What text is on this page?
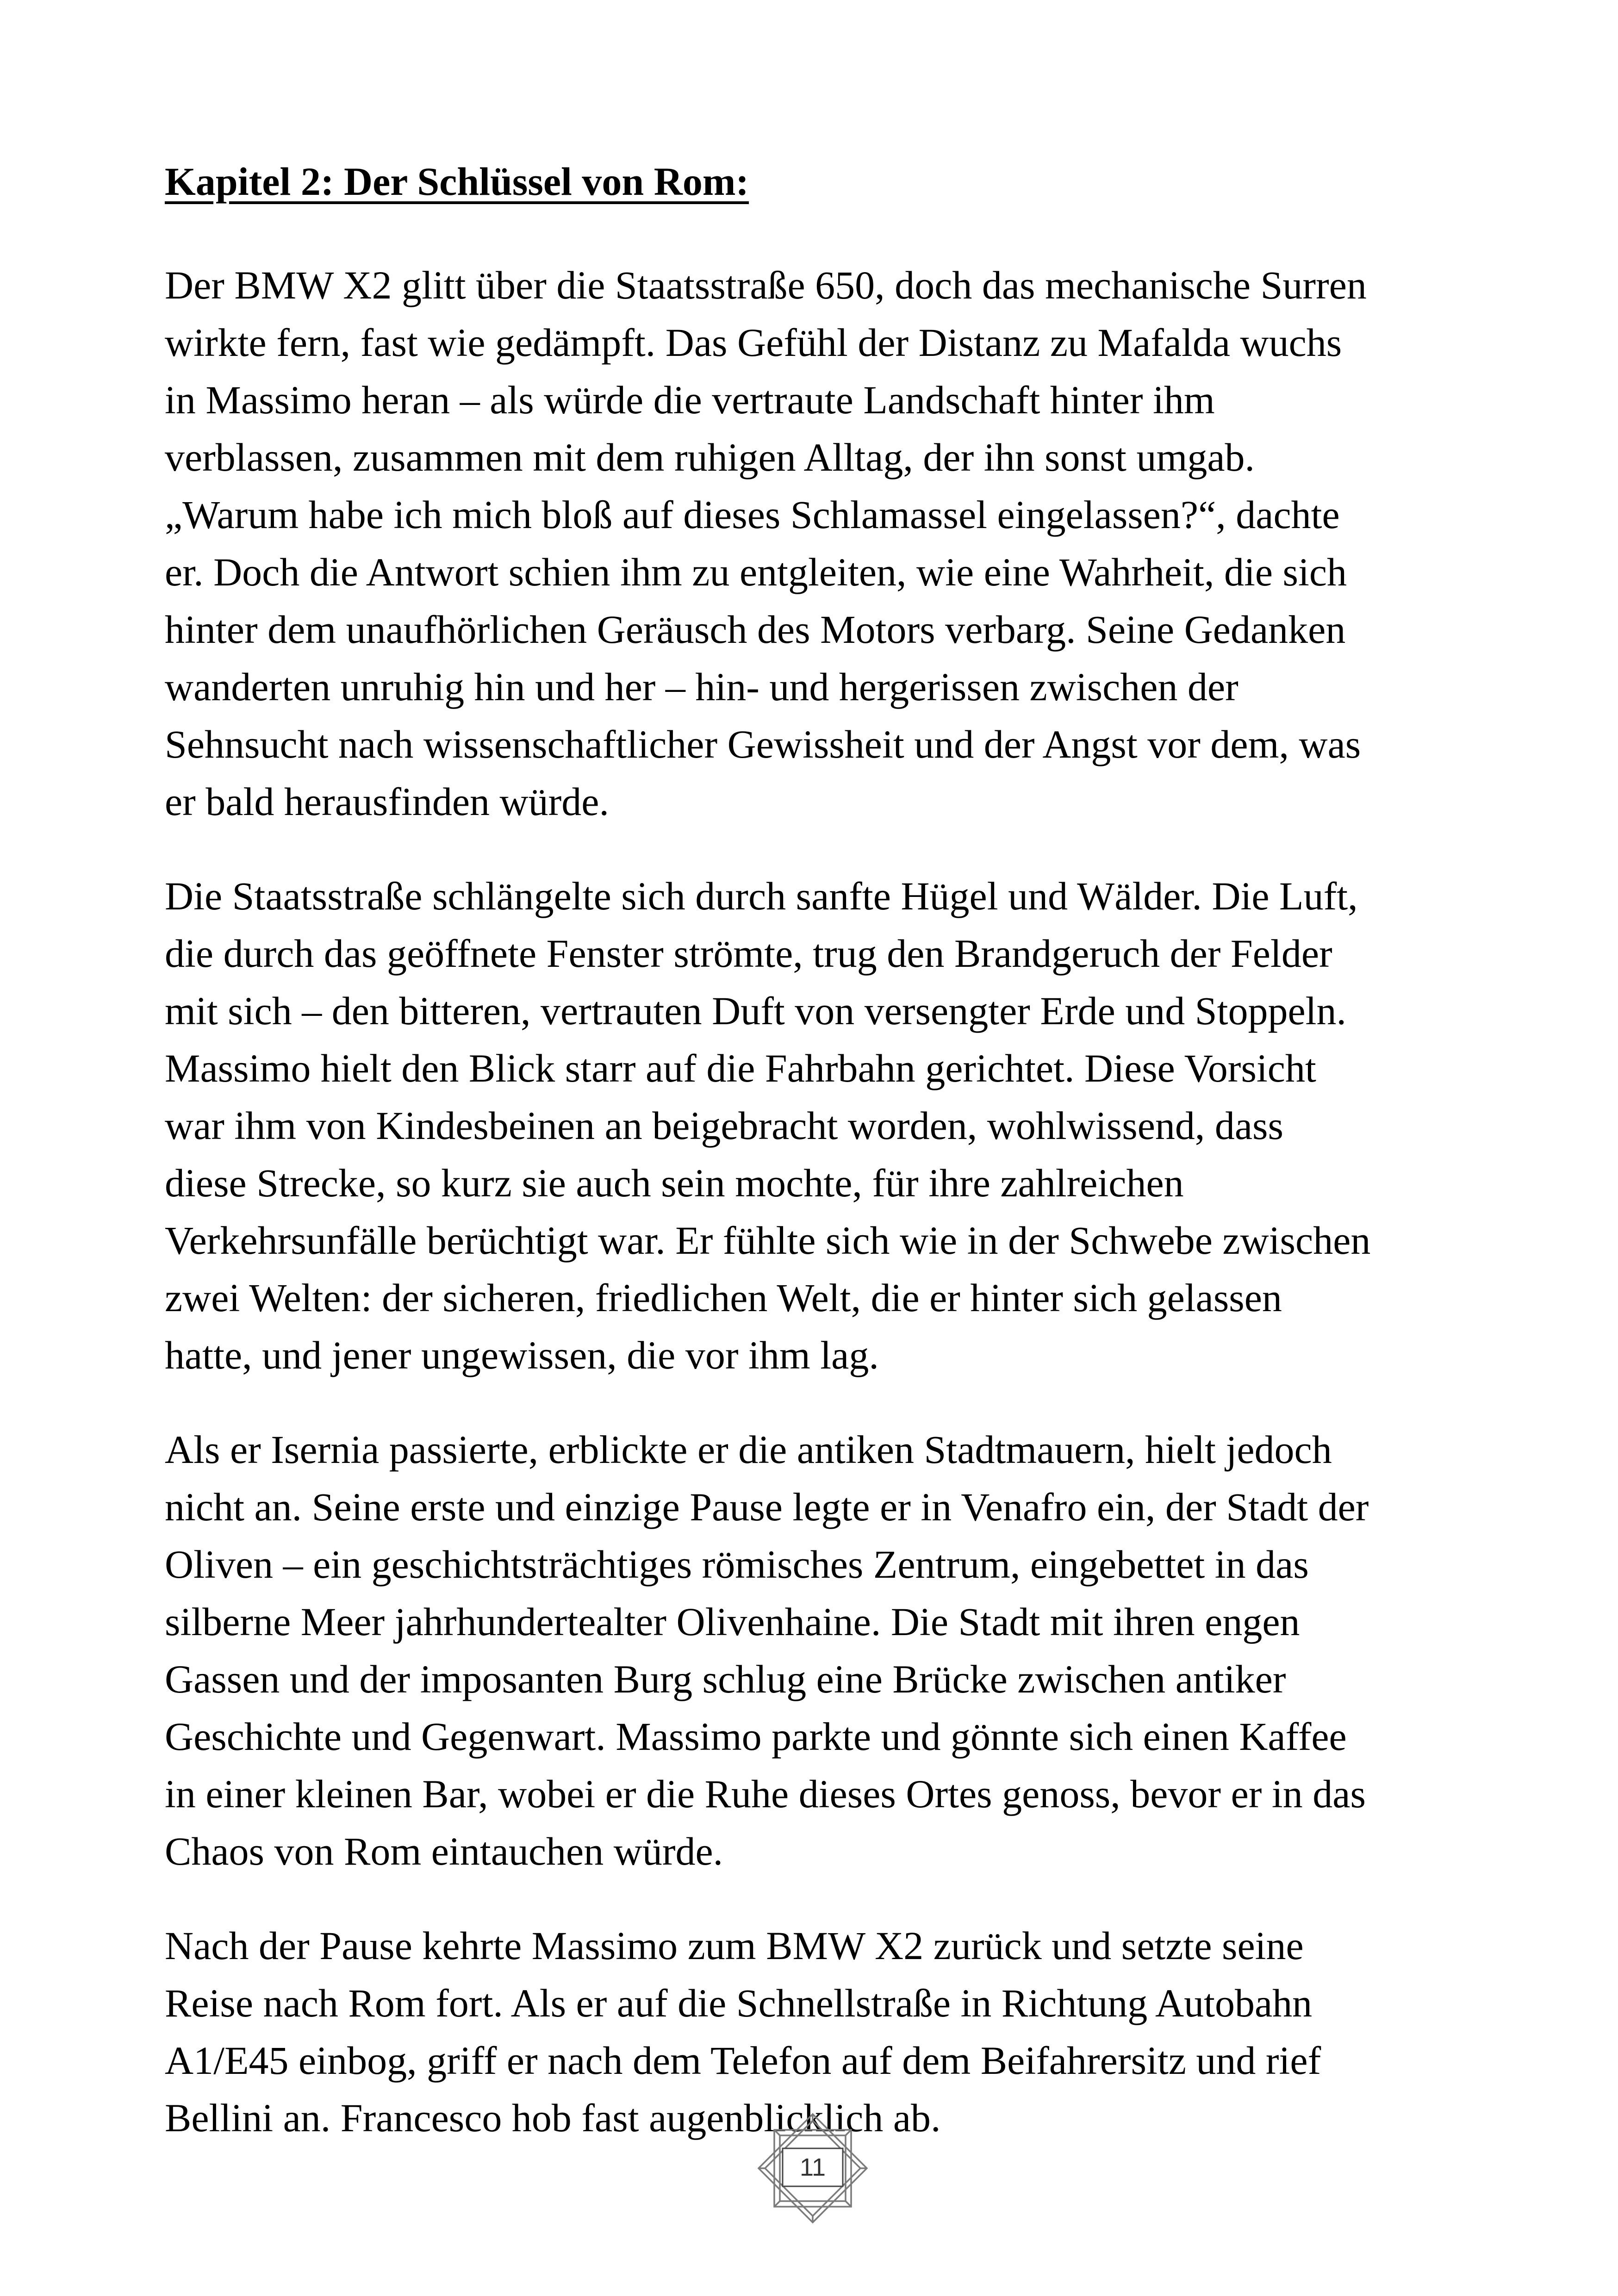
Kapitel 2: Der Schlüssel von Rom:

Der BMW X2 glitt über die Staatsstraße 650, doch das mechanische Surren
wirkte fern, fast wie gedämpft. Das Gefühl der Distanz zu Mafalda wuchs
in Massimo heran – als würde die vertraute Landschaft hinter ihm
verblassen, zusammen mit dem ruhigen Alltag, der ihn sonst umgab.
„Warum habe ich mich bloß auf dieses Schlamassel eingelassen?“, dachte
er. Doch die Antwort schien ihm zu entgleiten, wie eine Wahrheit, die sich
hinter dem unaufhörlichen Geräusch des Motors verbarg. Seine Gedanken
wanderten unruhig hin und her – hin- und hergerissen zwischen der
Sehnsucht nach wissenschaftlicher Gewissheit und der Angst vor dem, was
er bald herausfinden würde.

Die Staatsstraße schlängelte sich durch sanfte Hügel und Wälder. Die Luft,
die durch das geöffnete Fenster strömte, trug den Brandgeruch der Felder
mit sich – den bitteren, vertrauten Duft von versengter Erde und Stoppeln.
Massimo hielt den Blick starr auf die Fahrbahn gerichtet. Diese Vorsicht
war ihm von Kindesbeinen an beigebracht worden, wohlwissend, dass
diese Strecke, so kurz sie auch sein mochte, für ihre zahlreichen
Verkehrsunfälle berüchtigt war. Er fühlte sich wie in der Schwebe zwischen
zwei Welten: der sicheren, friedlichen Welt, die er hinter sich gelassen
hatte, und jener ungewissen, die vor ihm lag.

Als er Isernia passierte, erblickte er die antiken Stadtmauern, hielt jedoch
nicht an. Seine erste und einzige Pause legte er in Venafro ein, der Stadt der
Oliven – ein geschichtsträchtiges römisches Zentrum, eingebettet in das
silberne Meer jahrhundertealter Olivenhaine. Die Stadt mit ihren engen
Gassen und der imposanten Burg schlug eine Brücke zwischen antiker
Geschichte und Gegenwart. Massimo parkte und gönnte sich einen Kaffee
in einer kleinen Bar, wobei er die Ruhe dieses Ortes genoss, bevor er in das
Chaos von Rom eintauchen würde.

Nach der Pause kehrte Massimo zum BMW X2 zurück und setzte seine
Reise nach Rom fort. Als er auf die Schnellstraße in Richtung Autobahn
A1/E45 einbog, griff er nach dem Telefon auf dem Beifahrersitz und rief
Bellini an. Francesco hob fast augenblicklich ab.

11
